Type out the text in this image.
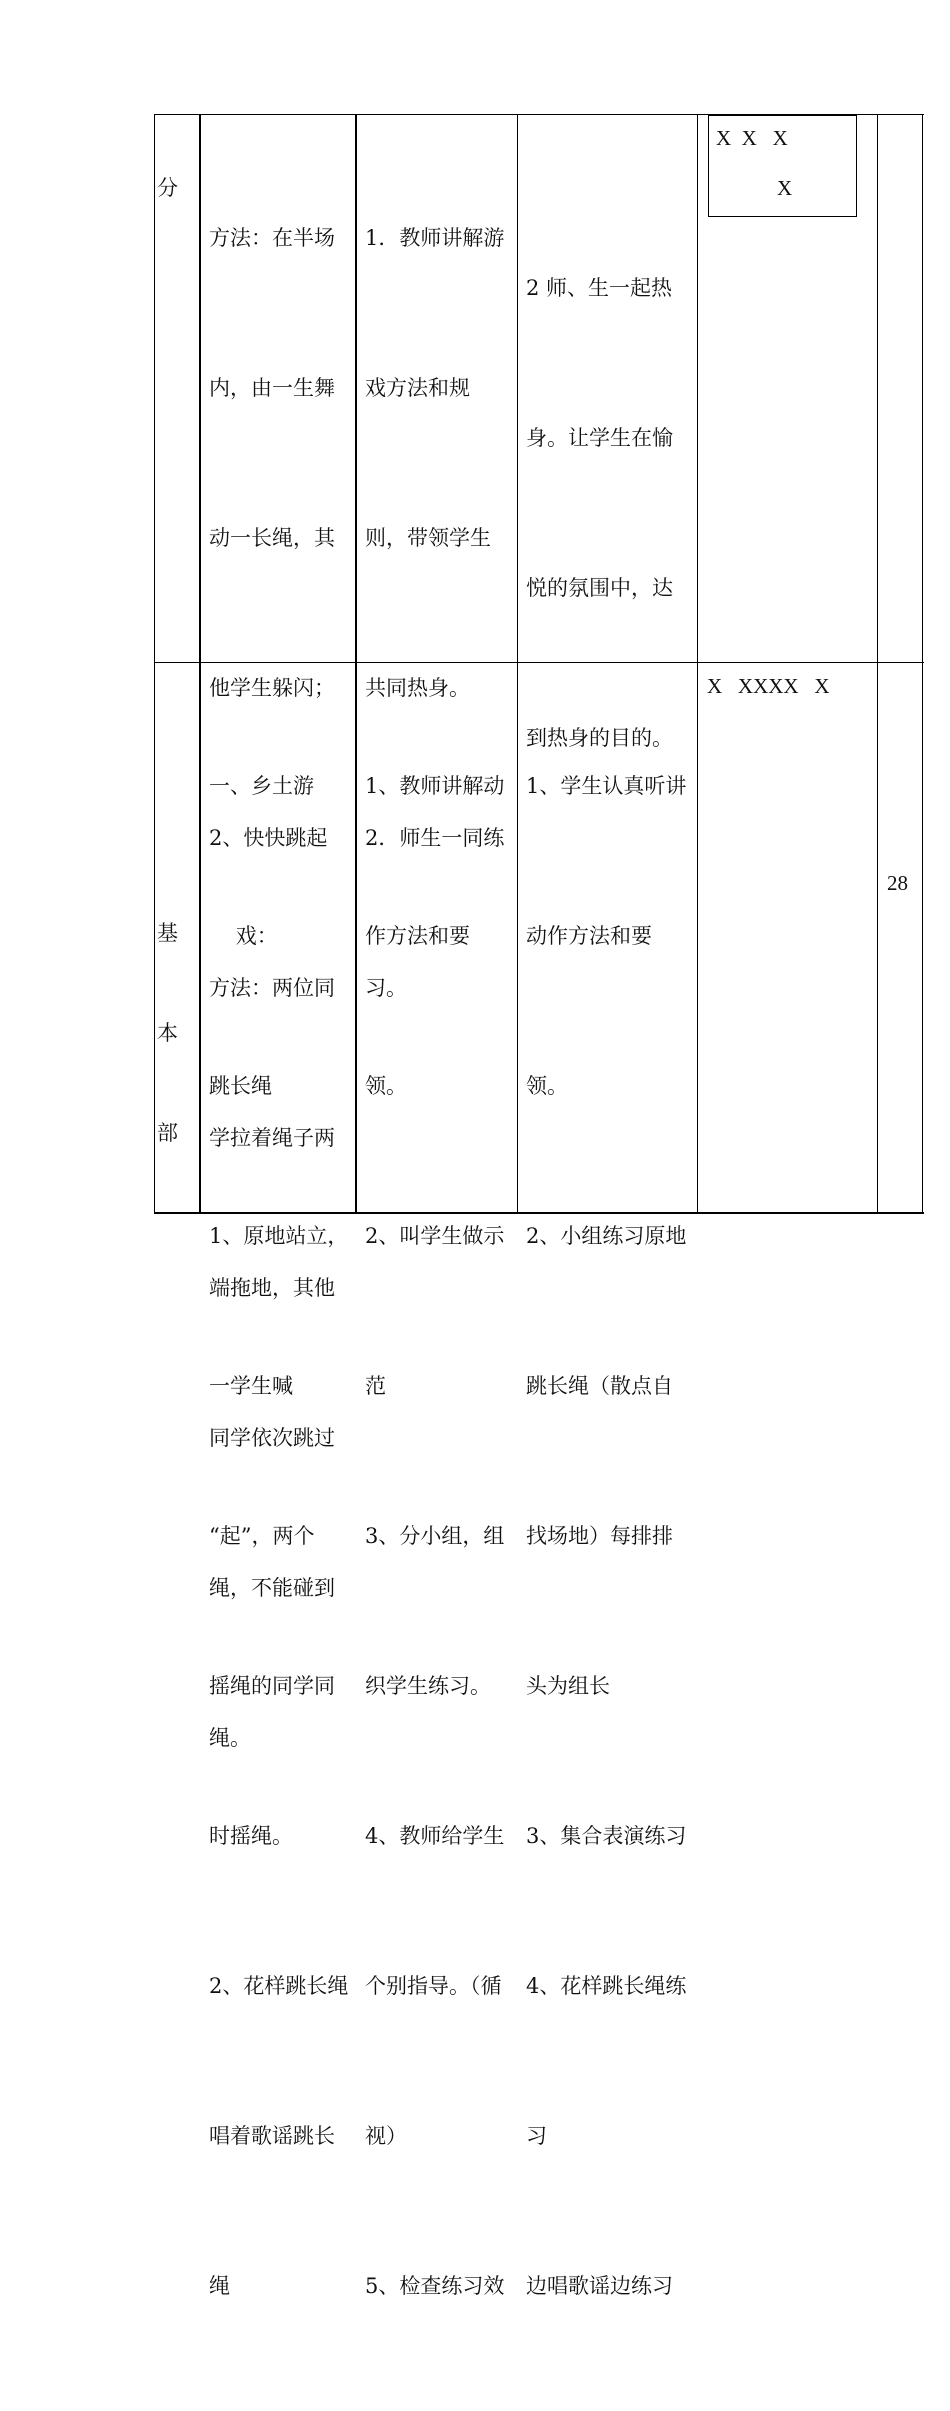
分

方法：在半场

内，由一生舞

动一长绳，其

他学生躲闪；

2、快快跳起

方法：两位同

学拉着绳子两

端拖地，其他

同学依次跳过

绳，不能碰到

绳。

1．教师讲解游

戏方法和规

则，带领学生

共同热身。

2．师生一同练

习。

2 师、生一起热

身。让学生在愉

悦的氛围中，达

到热身的目的。

X  X   X
X
基
本
部

一、乡土游

戏：

跳长绳

1、原地站立，

一学生喊

“起”，两个

摇绳的同学同

时摇绳。

2、花样跳长绳

唱着歌谣跳长

绳

1、教师讲解动

作方法和要

领。

2、叫学生做示

范

3、分小组，组

织学生练习。

4、教师给学生

个别指导。（循

视）

5、检查练习效

1、学生认真听讲

动作方法和要

领。

2、小组练习原地

跳长绳（散点自

找场地）每排排

头为组长

3、集合表演练习

4、花样跳长绳练

习

边唱歌谣边练习

X   XXXX   X
28
